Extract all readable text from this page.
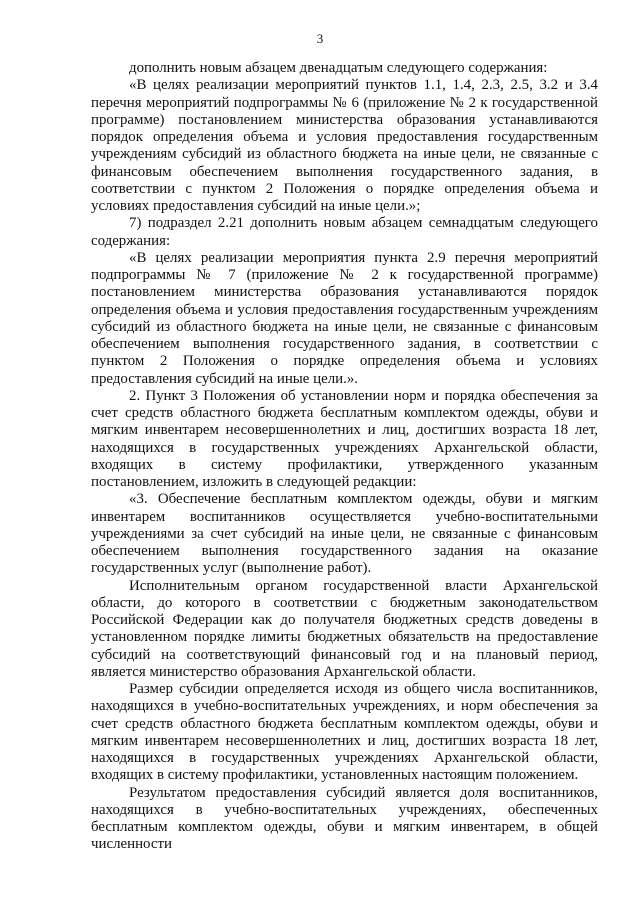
3

дополнить новым абзацем двенадцатым следующего содержания:

«В целях реализации мероприятий пунктов 1.1, 1.4, 2.3, 2.5, 3.2 и 3.4 перечня мероприятий подпрограммы № 6 (приложение № 2 к государственной программе) постановлением министерства образования устанавливаются порядок определения объема и условия предоставления государственным учреждениям субсидий из областного бюджета на иные цели, не связанные с финансовым обеспечением выполнения государственного задания, в соответствии с пунктом 2 Положения о порядке определения объема и условиях предоставления субсидий на иные цели.»;

7) подраздел 2.21 дополнить новым абзацем семнадцатым следующего содержания:

«В целях реализации мероприятия пункта 2.9 перечня мероприятий подпрограммы № 7 (приложение № 2 к государственной программе) постановлением министерства образования устанавливаются порядок определения объема и условия предоставления государственным учреждениям субсидий из областного бюджета на иные цели, не связанные с финансовым обеспечением выполнения государственного задания, в соответствии с пунктом 2 Положения о порядке определения объема и условиях предоставления субсидий на иные цели.».

2. Пункт 3 Положения об установлении норм и порядка обеспечения за счет средств областного бюджета бесплатным комплектом одежды, обуви и мягким инвентарем несовершеннолетних и лиц, достигших возраста 18 лет, находящихся в государственных учреждениях Архангельской области, входящих в систему профилактики, утвержденного указанным постановлением, изложить в следующей редакции:

«3. Обеспечение бесплатным комплектом одежды, обуви и мягким инвентарем воспитанников осуществляется учебно-воспитательными учреждениями за счет субсидий на иные цели, не связанные с финансовым обеспечением выполнения государственного задания на оказание государственных услуг (выполнение работ).

Исполнительным органом государственной власти Архангельской области, до которого в соответствии с бюджетным законодательством Российской Федерации как до получателя бюджетных средств доведены в установленном порядке лимиты бюджетных обязательств на предоставление субсидий на соответствующий финансовый год и на плановый период, является министерство образования Архангельской области.

Размер субсидии определяется исходя из общего числа воспитанников, находящихся в учебно-воспитательных учреждениях, и норм обеспечения за счет средств областного бюджета бесплатным комплектом одежды, обуви и мягким инвентарем несовершеннолетних и лиц, достигших возраста 18 лет, находящихся в государственных учреждениях Архангельской области, входящих в систему профилактики, установленных настоящим положением.

Результатом предоставления субсидий является доля воспитанников, находящихся в учебно-воспитательных учреждениях, обеспеченных бесплатным комплектом одежды, обуви и мягким инвентарем, в общей численности
